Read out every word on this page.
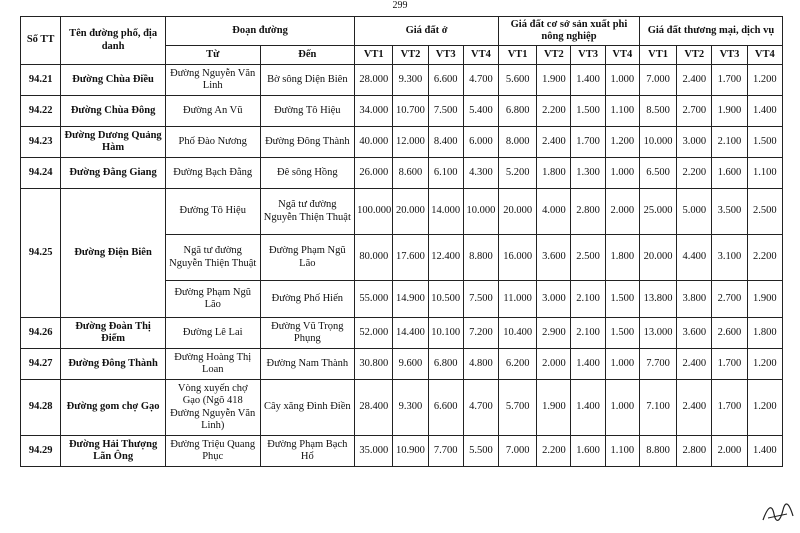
299
Số TT	Tên đường phố, địa danh	Đoạn đường		Giá đất ở				Giá đất cơ sở sản xuất phi nông nghiệp				Giá đất thương mại, dịch vụ			
		Từ	Đến	VT1	VT2	VT3	VT4	VT1	VT2	VT3	VT4	VT1	VT2	VT3	VT4
94.21	Đường Chùa Điều	Đường Nguyễn Văn Linh	Bờ sông Diện Biên	28.000	9.300	6.600	4.700	5.600	1.900	1.400	1.000	7.000	2.400	1.700	1.200
94.22	Đường Chùa Đông	Đường An Vũ	Đường Tô Hiệu	34.000	10.700	7.500	5.400	6.800	2.200	1.500	1.100	8.500	2.700	1.900	1.400
94.23	Đường Dương Quảng Hàm	Phố Đào Nương	Đường Đông Thành	40.000	12.000	8.400	6.000	8.000	2.400	1.700	1.200	10.000	3.000	2.100	1.500
94.24	Đường Đằng Giang	Đường Bạch Đằng	Đê sông Hồng	26.000	8.600	6.100	4.300	5.200	1.800	1.300	1.000	6.500	2.200	1.600	1.100
94.25	Đường Điện Biên	Đường Tô Hiệu	Ngã tư đường Nguyễn Thiện Thuật	100.000	20.000	14.000	10.000	20.000	4.000	2.800	2.000	25.000	5.000	3.500	2.500
		Ngã tư đường Nguyễn Thiện Thuật	Đường Phạm Ngũ Lão	80.000	17.600	12.400	8.800	16.000	3.600	2.500	1.800	20.000	4.400	3.100	2.200
		Đường Phạm Ngũ Lão	Đường Phố Hiến	55.000	14.900	10.500	7.500	11.000	3.000	2.100	1.500	13.800	3.800	2.700	1.900
94.26	Đường Đoàn Thị Điểm	Đường Lê Lai	Đường Vũ Trọng Phụng	52.000	14.400	10.100	7.200	10.400	2.900	2.100	1.500	13.000	3.600	2.600	1.800
94.27	Đường Đông Thành	Đường Hoàng Thị Loan	Đường Nam Thành	30.800	9.600	6.800	4.800	6.200	2.000	1.400	1.000	7.700	2.400	1.700	1.200
94.28	Đường gom chợ Gạo	Vòng xuyến chợ Gạo (Ngõ 418 Đường Nguyễn Văn Linh)	Cây xăng Đình Điền	28.400	9.300	6.600	4.700	5.700	1.900	1.400	1.000	7.100	2.400	1.700	1.200
94.29	Đường Hải Thượng Lãn Ông	Đường Triệu Quang Phục	Đường Phạm Bạch Hổ	35.000	10.900	7.700	5.500	7.000	2.200	1.600	1.100	8.800	2.800	2.000	1.400
